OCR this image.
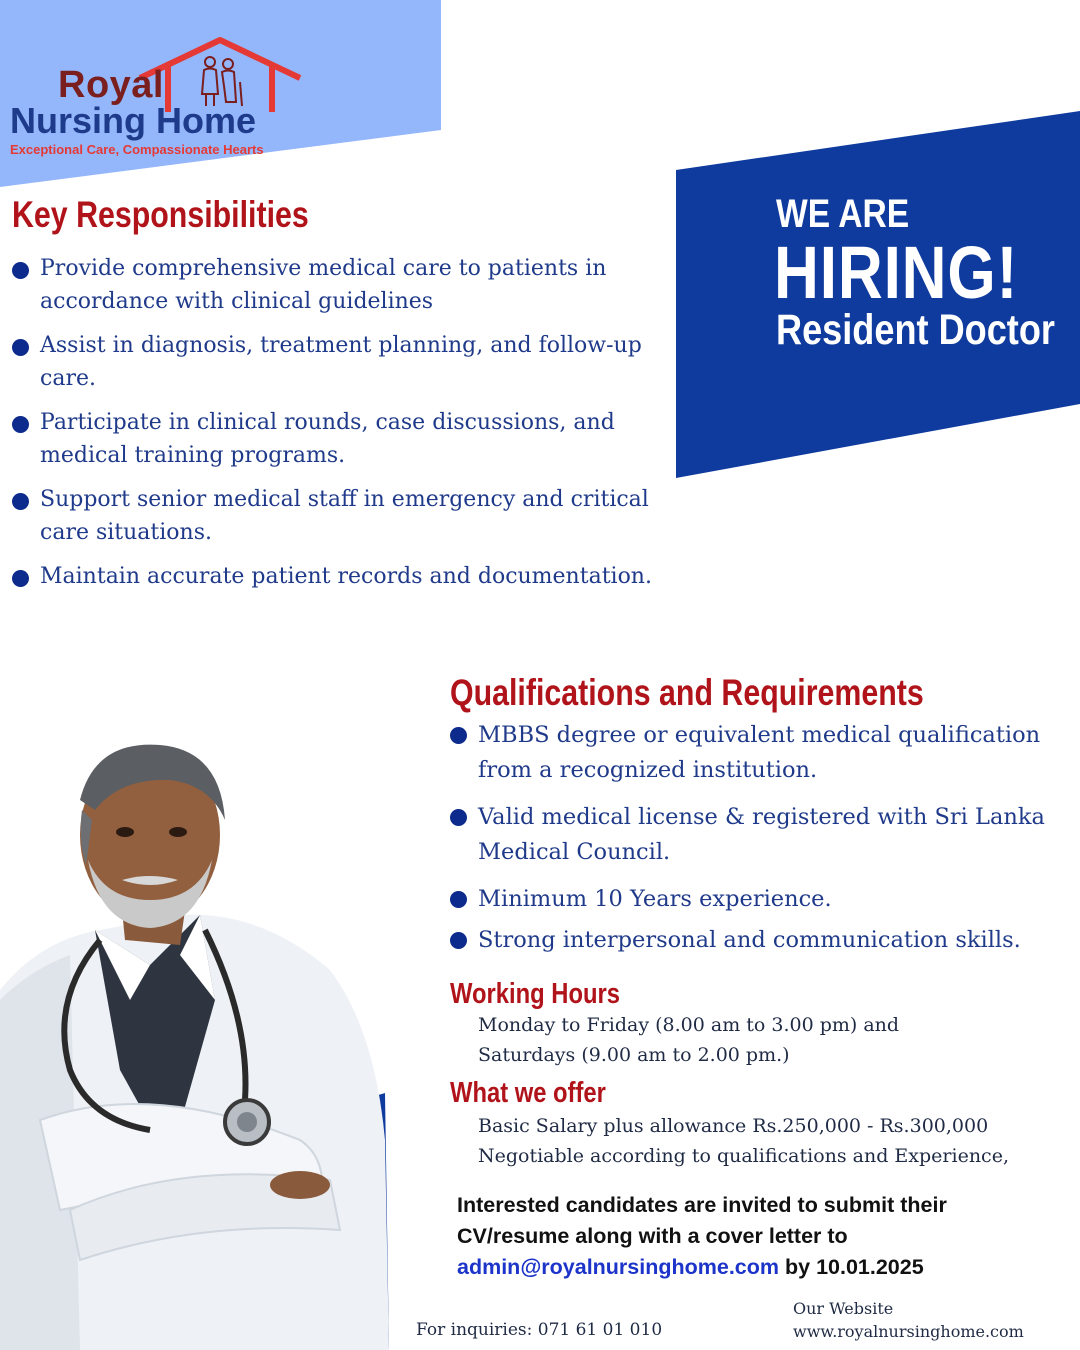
Royal
Nursing Home
Exceptional Care, Compassionate Hearts
WE ARE
HIRING!
Resident Doctor
Key Responsibilities
Provide comprehensive medical care to patients in accordance with clinical guidelines
Assist in diagnosis, treatment planning, and follow-up care.
Participate in clinical rounds, case discussions, and medical training programs.
Support senior medical staff in emergency and critical care situations.
Maintain accurate patient records and documentation.
Qualifications and Requirements
MBBS degree or equivalent medical qualification from a recognized institution.
Valid medical license & registered with Sri Lanka Medical Council.
Minimum 10 Years experience.
Strong interpersonal and communication skills.
Working Hours
Monday to Friday (8.00 am to 3.00 pm) and
Saturdays (9.00 am to 2.00 pm.)
What we offer
Basic Salary plus allowance Rs.250,000 - Rs.300,000
Negotiable according to qualifications and Experience,
Interested candidates are invited to submit their
CV/resume along with a cover letter to
admin@royalnursinghome.com by 10.01.2025
For inquiries: 071 61 01 010
Our Website
www.royalnursinghome.com
